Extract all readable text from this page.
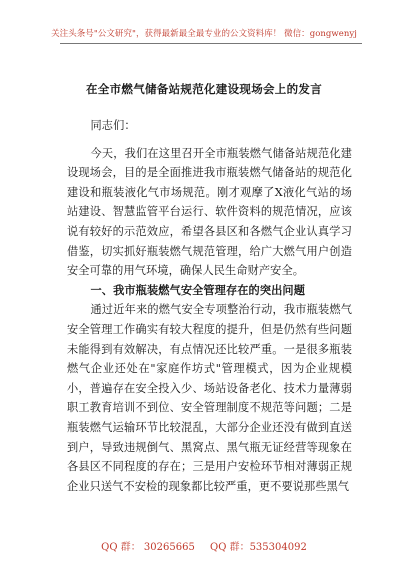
关注头条号"公文研究"，获得最新最全最专业的公文资料库！ 微信：gongwenyj
在全市燃气储备站规范化建设现场会上的发言

同志们：

今天，我们在这里召开全市瓶装燃气储备站规范化建设现场会，目的是全面推进我市瓶装燃气储备站的规范化建设和瓶装液化气市场规范。刚才观摩了X液化气站的场站建设、智慧监管平台运行、软件资料的规范情况，应该说有较好的示范效应，希望各县区和各燃气企业认真学习借鉴，切实抓好瓶装燃气规范管理，给广大燃气用户创造安全可靠的用气环境，确保人民生命财产安全。

一、我市瓶装燃气安全管理存在的突出问题

通过近年来的燃气安全专项整治行动，我市瓶装燃气安全管理工作确实有较大程度的提升，但是仍然有些问题未能得到有效解决，有点情况还比较严重。一是很多瓶装燃气企业还处在"家庭作坊式"管理模式，因为企业规模小，普遍存在安全投入少、场站设备老化、技术力量薄弱职工教育培训不到位、安全管理制度不规范等问题；二是瓶装燃气运输环节比较混乱，大部分企业还没有做到直送到户，导致违规倒气、黑窝点、黑气瓶无证经营等现象在各县区不同程度的存在；三是用户安检环节相对薄弱正规企业只送气不安检的现象都比较严重，更不要说那些黑气

QQ 群： 30265665 QQ 群：535304092
